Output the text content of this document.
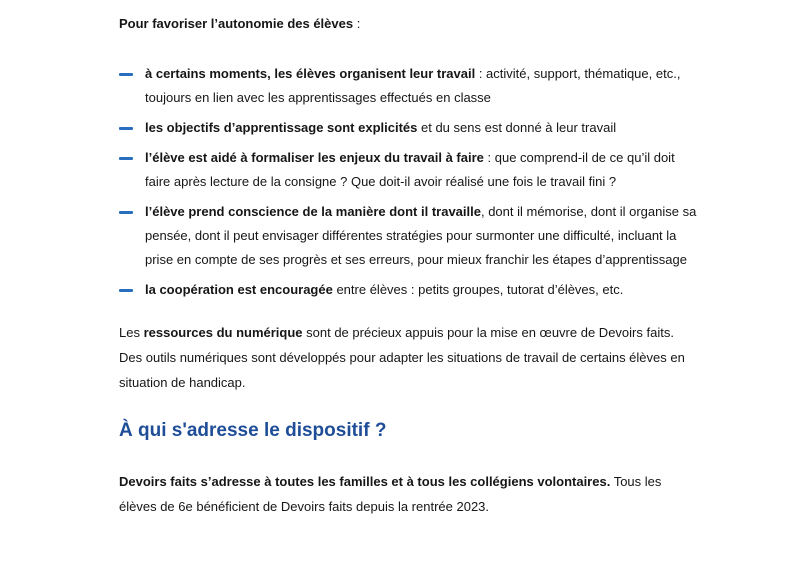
Pour favoriser l’autonomie des élèves :

à certains moments, les élèves organisent leur travail : activité, support, thématique, etc., toujours en lien avec les apprentissages effectués en classe
les objectifs d’apprentissage sont explicités et du sens est donné à leur travail
l’élève est aidé à formaliser les enjeux du travail à faire : que comprend-il de ce qu’il doit faire après lecture de la consigne ? Que doit-il avoir réalisé une fois le travail fini ?
l’élève prend conscience de la manière dont il travaille, dont il mémorise, dont il organise sa pensée, dont il peut envisager différentes stratégies pour surmonter une difficulté, incluant la prise en compte de ses progrès et ses erreurs, pour mieux franchir les étapes d’apprentissage
la coopération est encouragée entre élèves : petits groupes, tutorat d’élèves, etc.

Les ressources du numérique sont de précieux appuis pour la mise en œuvre de Devoirs faits. Des outils numériques sont développés pour adapter les situations de travail de certains élèves en situation de handicap.

À qui s'adresse le dispositif ?

Devoirs faits s’adresse à toutes les familles et à tous les collégiens volontaires. Tous les élèves de 6e bénéficient de Devoirs faits depuis la rentrée 2023.
